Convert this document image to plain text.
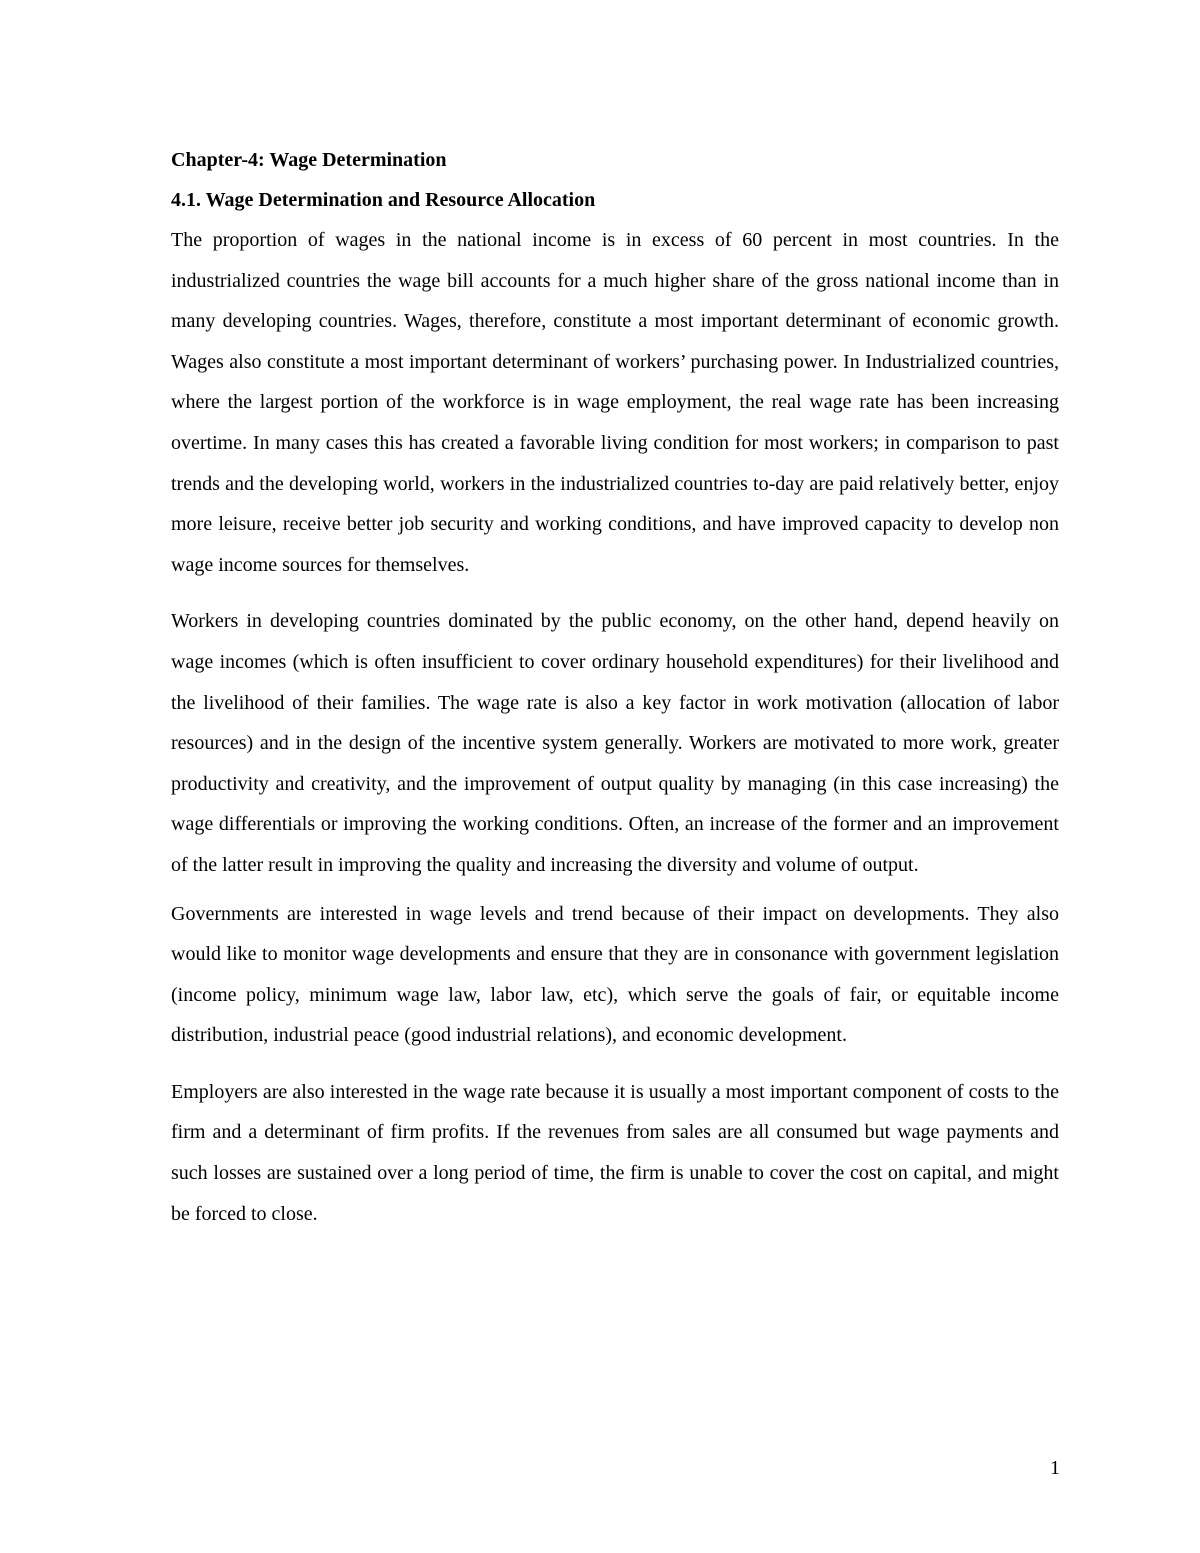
Chapter-4: Wage Determination
4.1. Wage Determination and Resource Allocation

The proportion of wages in the national income is in excess of 60 percent in most countries. In the industrialized countries the wage bill accounts for a much higher share of the gross national income than in many developing countries. Wages, therefore, constitute a most important determinant of economic growth. Wages also constitute a most important determinant of workers’ purchasing power. In Industrialized countries, where the largest portion of the workforce is in wage employment, the real wage rate has been increasing overtime. In many cases this has created a favorable living condition for most workers; in comparison to past trends and the developing world, workers in the industrialized countries to-day are paid relatively better, enjoy more leisure, receive better job security and working conditions, and have improved capacity to develop non wage income sources for themselves.

Workers in developing countries dominated by the public economy, on the other hand, depend heavily on wage incomes (which is often insufficient to cover ordinary household expenditures) for their livelihood and the livelihood of their families. The wage rate is also a key factor in work motivation (allocation of labor resources) and in the design of the incentive system generally. Workers are motivated to more work, greater productivity and creativity, and the improvement of output quality by managing (in this case increasing) the wage differentials or improving the working conditions. Often, an increase of the former and an improvement of the latter result in improving the quality and increasing the diversity and volume of output.

Governments are interested in wage levels and trend because of their impact on developments. They also would like to monitor wage developments and ensure that they are in consonance with government legislation (income policy, minimum wage law, labor law, etc), which serve the goals of fair, or equitable income distribution, industrial peace (good industrial relations), and economic development.

Employers are also interested in the wage rate because it is usually a most important component of costs to the firm and a determinant of firm profits. If the revenues from sales are all consumed but wage payments and such losses are sustained over a long period of time, the firm is unable to cover the cost on capital, and might be forced to close.

1
